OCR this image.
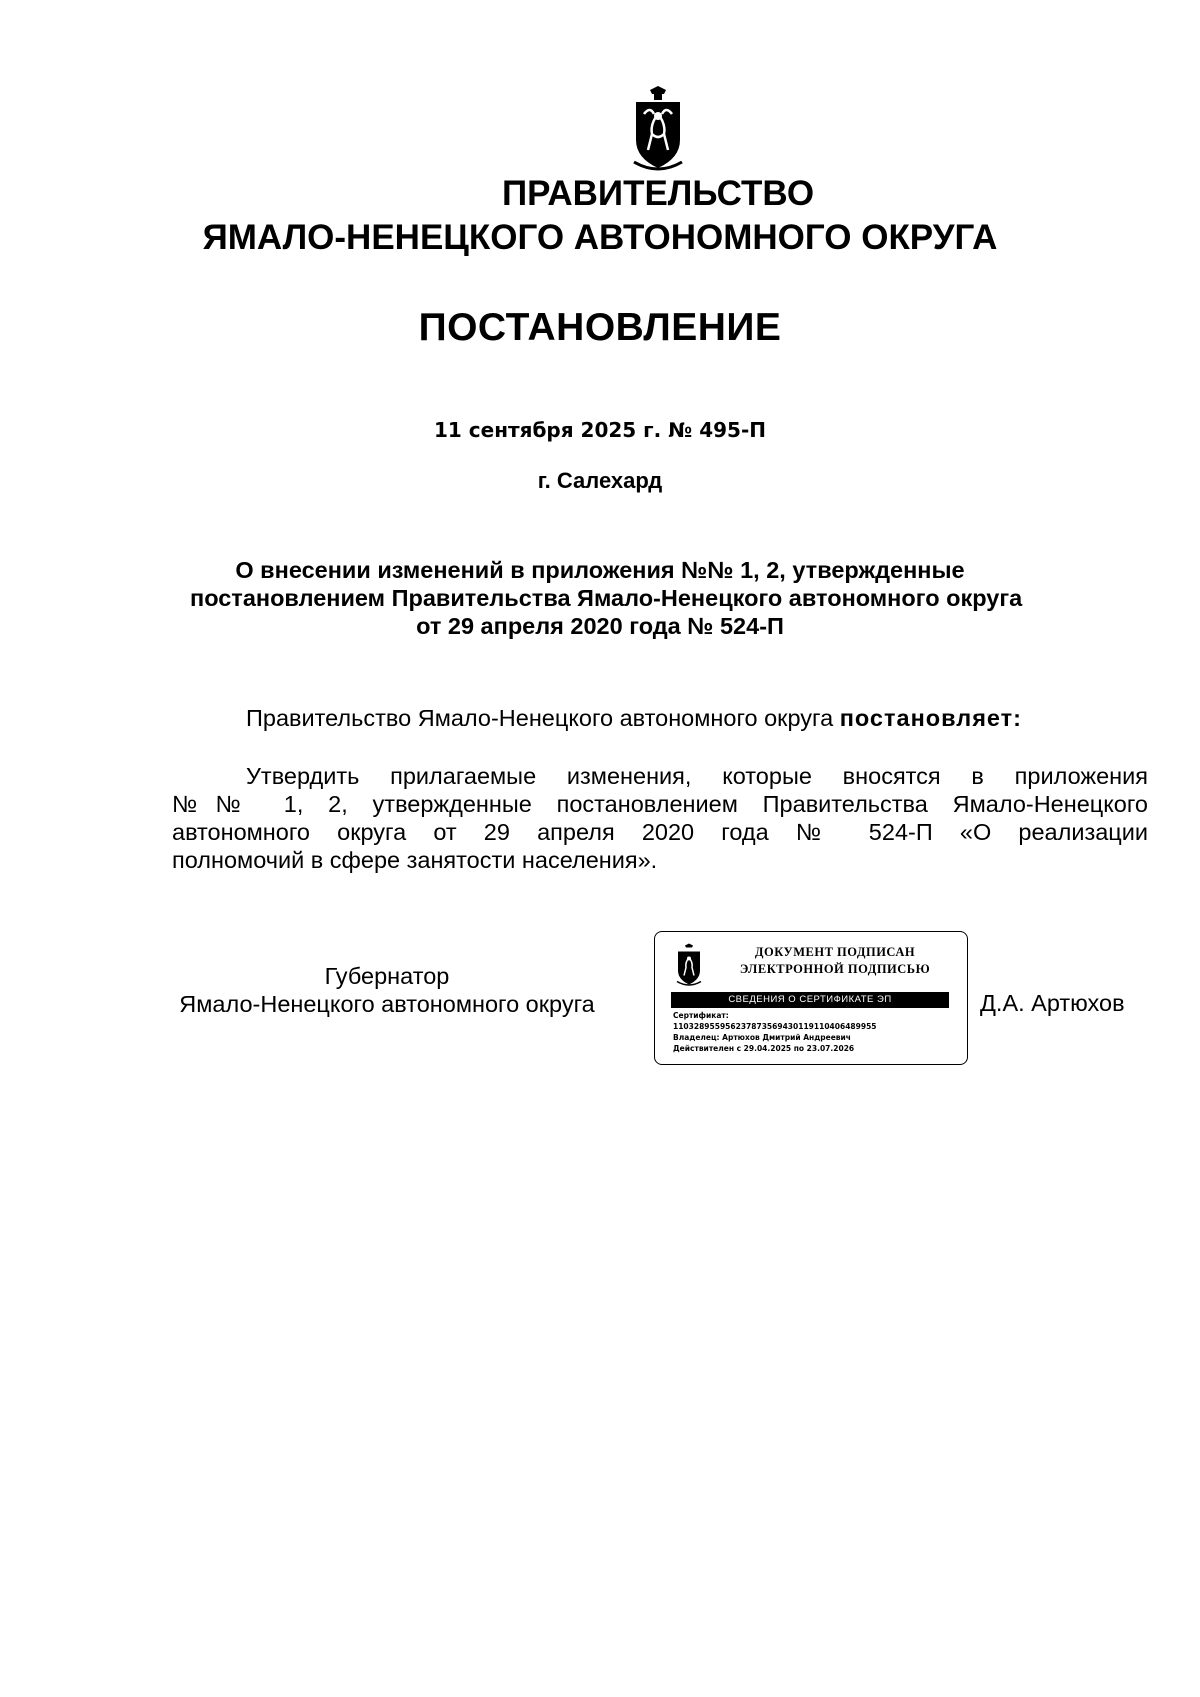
ПРАВИТЕЛЬСТВО
ЯМАЛО-НЕНЕЦКОГО АВТОНОМНОГО ОКРУГА
ПОСТАНОВЛЕНИЕ
11 сентября 2025 г. № 495-П
г. Салехард
О внесении изменений в приложения №№ 1, 2, утвержденные
постановлением Правительства Ямало-Ненецкого автономного округа
от 29 апреля 2020 года № 524-П
Правительство Ямало-Ненецкого автономного округа постановляет:
Утвердить прилагаемые изменения, которые вносятся в приложения
№№ 1, 2, утвержденные постановлением Правительства Ямало-Ненецкого
автономного округа от 29 апреля 2020 года № 524-П «О реализации
полномочий в сфере занятости населения».
Губернатор
Ямало-Ненецкого автономного округа
ДОКУМЕНТ ПОДПИСАН
ЭЛЕКТРОННОЙ ПОДПИСЬЮ
СВЕДЕНИЯ О СЕРТИФИКАТЕ ЭП
Сертификат:
110328955956237873569430119110406489955
Владелец: Артюхов Дмитрий Андреевич
Действителен с 29.04.2025 по 23.07.2026
Д.А. Артюхов
